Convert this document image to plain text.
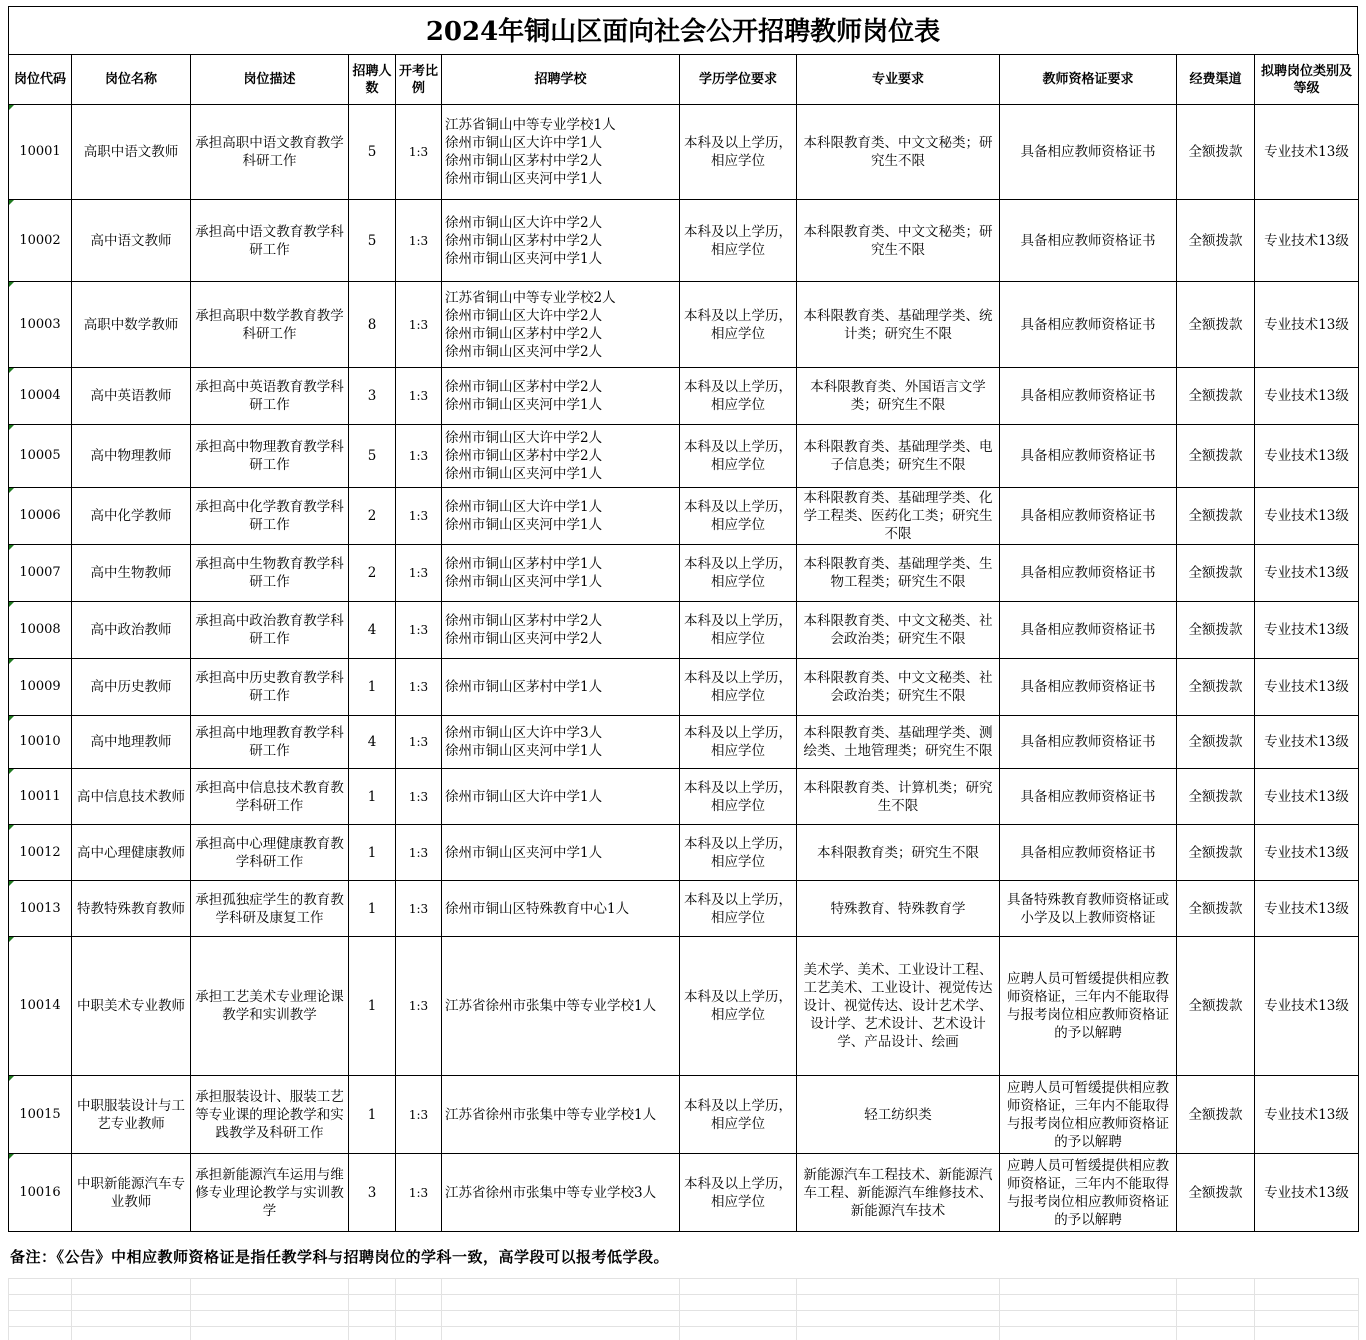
2024年铜山区面向社会公开招聘教师岗位表
岗位代码	岗位名称	岗位描述	招聘人数	开考比例	招聘学校	学历学位要求	专业要求	教师资格证要求	经费渠道	拟聘岗位类别及等级
10001	高职中语文教师	承担高职中语文教育教学科研工作	5	1:3	江苏省铜山中等专业学校1人
徐州市铜山区大许中学1人
徐州市铜山区茅村中学2人
徐州市铜山区夹河中学1人	本科及以上学历，相应学位	本科限教育类、中文文秘类；研究生不限	具备相应教师资格证书	全额拨款	专业技术13级
10002	高中语文教师	承担高中语文教育教学科研工作	5	1:3	徐州市铜山区大许中学2人
徐州市铜山区茅村中学2人
徐州市铜山区夹河中学1人	本科及以上学历，相应学位	本科限教育类、中文文秘类；研究生不限	具备相应教师资格证书	全额拨款	专业技术13级
10003	高职中数学教师	承担高职中数学教育教学科研工作	8	1:3	江苏省铜山中等专业学校2人
徐州市铜山区大许中学2人
徐州市铜山区茅村中学2人
徐州市铜山区夹河中学2人	本科及以上学历，相应学位	本科限教育类、基础理学类、统计类；研究生不限	具备相应教师资格证书	全额拨款	专业技术13级
10004	高中英语教师	承担高中英语教育教学科研工作	3	1:3	徐州市铜山区茅村中学2人
徐州市铜山区夹河中学1人	本科及以上学历，相应学位	本科限教育类、外国语言文学类；研究生不限	具备相应教师资格证书	全额拨款	专业技术13级
10005	高中物理教师	承担高中物理教育教学科研工作	5	1:3	徐州市铜山区大许中学2人
徐州市铜山区茅村中学2人
徐州市铜山区夹河中学1人	本科及以上学历，相应学位	本科限教育类、基础理学类、电子信息类；研究生不限	具备相应教师资格证书	全额拨款	专业技术13级
10006	高中化学教师	承担高中化学教育教学科研工作	2	1:3	徐州市铜山区大许中学1人
徐州市铜山区夹河中学1人	本科及以上学历，相应学位	本科限教育类、基础理学类、化学工程类、医药化工类；研究生不限	具备相应教师资格证书	全额拨款	专业技术13级
10007	高中生物教师	承担高中生物教育教学科研工作	2	1:3	徐州市铜山区茅村中学1人
徐州市铜山区夹河中学1人	本科及以上学历，相应学位	本科限教育类、基础理学类、生物工程类；研究生不限	具备相应教师资格证书	全额拨款	专业技术13级
10008	高中政治教师	承担高中政治教育教学科研工作	4	1:3	徐州市铜山区茅村中学2人
徐州市铜山区夹河中学2人	本科及以上学历，相应学位	本科限教育类、中文文秘类、社会政治类；研究生不限	具备相应教师资格证书	全额拨款	专业技术13级
10009	高中历史教师	承担高中历史教育教学科研工作	1	1:3	徐州市铜山区茅村中学1人	本科及以上学历，相应学位	本科限教育类、中文文秘类、社会政治类；研究生不限	具备相应教师资格证书	全额拨款	专业技术13级
10010	高中地理教师	承担高中地理教育教学科研工作	4	1:3	徐州市铜山区大许中学3人
徐州市铜山区夹河中学1人	本科及以上学历，相应学位	本科限教育类、基础理学类、测绘类、土地管理类；研究生不限	具备相应教师资格证书	全额拨款	专业技术13级
10011	高中信息技术教师	承担高中信息技术教育教学科研工作	1	1:3	徐州市铜山区大许中学1人	本科及以上学历，相应学位	本科限教育类、计算机类；研究生不限	具备相应教师资格证书	全额拨款	专业技术13级
10012	高中心理健康教师	承担高中心理健康教育教学科研工作	1	1:3	徐州市铜山区夹河中学1人	本科及以上学历，相应学位	本科限教育类；研究生不限	具备相应教师资格证书	全额拨款	专业技术13级
10013	特教特殊教育教师	承担孤独症学生的教育教学科研及康复工作	1	1:3	徐州市铜山区特殊教育中心1人	本科及以上学历，相应学位	特殊教育、特殊教育学	具备特殊教育教师资格证或小学及以上教师资格证	全额拨款	专业技术13级
10014	中职美术专业教师	承担工艺美术专业理论课教学和实训教学	1	1:3	江苏省徐州市张集中等专业学校1人	本科及以上学历，相应学位	美术学、美术、工业设计工程、工艺美术、工业设计、视觉传达设计、视觉传达、设计艺术学、设计学、艺术设计、艺术设计学、产品设计、绘画	应聘人员可暂缓提供相应教师资格证，三年内不能取得与报考岗位相应教师资格证的予以解聘	全额拨款	专业技术13级
10015	中职服装设计与工艺专业教师	承担服装设计、服装工艺等专业课的理论教学和实践教学及科研工作	1	1:3	江苏省徐州市张集中等专业学校1人	本科及以上学历，相应学位	轻工纺织类	应聘人员可暂缓提供相应教师资格证，三年内不能取得与报考岗位相应教师资格证的予以解聘	全额拨款	专业技术13级
10016	中职新能源汽车专业教师	承担新能源汽车运用与维修专业理论教学与实训教学	3	1:3	江苏省徐州市张集中等专业学校3人	本科及以上学历，相应学位	新能源汽车工程技术、新能源汽车工程、新能源汽车维修技术、新能源汽车技术	应聘人员可暂缓提供相应教师资格证，三年内不能取得与报考岗位相应教师资格证的予以解聘	全额拨款	专业技术13级
备注：《公告》中相应教师资格证是指任教学科与招聘岗位的学科一致，高学段可以报考低学段。
